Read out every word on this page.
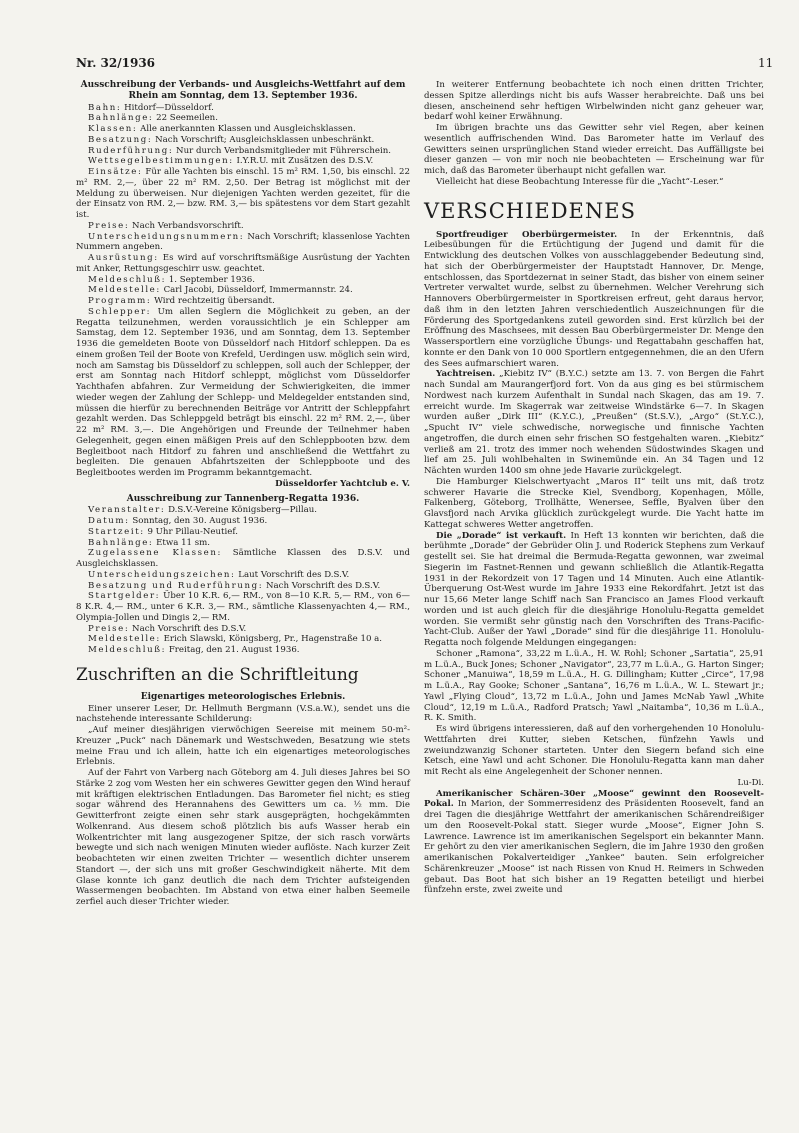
Nr. 32/1936	11
Ausschreibung der Verbands- und Ausgleichs-Wettfahrt auf dem Rhein am Sonntag, dem 13. September 1936.

Bahn: Hitdorf—Düsseldorf.

Bahnlänge: 22 Seemeilen.

Klassen: Alle anerkannten Klassen und Ausgleichsklassen.

Besatzung: Nach Vorschrift; Ausgleichsklassen unbeschränkt.

Ruderführung: Nur durch Verbandsmitglieder mit Führerschein.

Wettsegelbestimmungen: I.Y.R.U. mit Zusätzen des D.S.V.

Einsätze: Für alle Yachten bis einschl. 15 m² RM. 1,50, bis einschl. 22 m² RM. 2,—, über 22 m² RM. 2,50. Der Betrag ist möglichst mit der Meldung zu überweisen. Nur diejenigen Yachten werden gezeitet, für die der Einsatz von RM. 2,— bzw. RM. 3,— bis spätestens vor dem Start gezahlt ist.

Preise: Nach Verbandsvorschrift.

Unterscheidungsnummern: Nach Vorschrift; klassenlose Yachten Nummern angeben.

Ausrüstung: Es wird auf vorschriftsmäßige Ausrüstung der Yachten mit Anker, Rettungsgeschirr usw. geachtet.

Meldeschluß: 1. September 1936.

Meldestelle: Carl Jacobi, Düsseldorf, Immermannstr. 24.

Programm: Wird rechtzeitig übersandt.

Schlepper: Um allen Seglern die Möglichkeit zu geben, an der Regatta teilzunehmen, werden voraussichtlich je ein Schlepper am Samstag, dem 12. September 1936, und am Sonntag, dem 13. September 1936 die gemeldeten Boote von Düsseldorf nach Hitdorf schleppen. Da es einem großen Teil der Boote von Krefeld, Uerdingen usw. möglich sein wird, noch am Samstag bis Düsseldorf zu schleppen, soll auch der Schlepper, der erst am Sonntag nach Hitdorf schleppt, möglichst vom Düsseldorfer Yachthafen abfahren. Zur Vermeidung der Schwierigkeiten, die immer wieder wegen der Zahlung der Schlepp- und Meldegelder entstanden sind, müssen die hierfür zu berechnenden Beiträge vor Antritt der Schleppfahrt gezahlt werden. Das Schleppgeld beträgt bis einschl. 22 m² RM. 2,—, über 22 m² RM. 3,—. Die Angehörigen und Freunde der Teilnehmer haben Gelegenheit, gegen einen mäßigen Preis auf den Schleppbooten bzw. dem Begleitboot nach Hitdorf zu fahren und anschließend die Wettfahrt zu begleiten. Die genauen Abfahrtszeiten der Schleppboote und des Begleitbootes werden im Programm bekanntgemacht.

Düsseldorfer Yachtclub e. V.

Ausschreibung zur Tannenberg-Regatta 1936.

Veranstalter: D.S.V.-Vereine Königsberg—Pillau.

Datum: Sonntag, den 30. August 1936.

Startzeit: 9 Uhr Pillau-Neutief.

Bahnlänge: Etwa 11 sm.

Zugelassene Klassen: Sämtliche Klassen des D.S.V. und Ausgleichsklassen.

Unterscheidungszeichen: Laut Vorschrift des D.S.V.

Besatzung und Ruderführung: Nach Vorschrift des D.S.V.

Startgelder: Über 10 K.R. 6,— RM., von 8—10 K.R. 5,— RM., von 6—8 K.R. 4,— RM., unter 6 K.R. 3,— RM., sämtliche Klassenyachten 4,— RM., Olympia-Jollen und Dingis 2,— RM.

Preise: Nach Vorschrift des D.S.V.

Meldestelle: Erich Slawski, Königsberg, Pr., Hagenstraße 10 a.

Meldeschluß: Freitag, den 21. August 1936.

Zuschriften an die Schriftleitung
Eigenartiges meteorologisches Erlebnis.

Einer unserer Leser, Dr. Hellmuth Bergmann (V.S.a.W.), sendet uns die nachstehende interessante Schilderung:

„Auf meiner diesjährigen vierwöchigen Seereise mit meinem 50-m²-Kreuzer „Puck“ nach Dänemark und Westschweden, Besatzung wie stets meine Frau und ich allein, hatte ich ein eigenartiges meteorologisches Erlebnis.

Auf der Fahrt von Varberg nach Göteborg am 4. Juli dieses Jahres bei SO Stärke 2 zog vom Westen her ein schweres Gewitter gegen den Wind herauf mit kräftigen elektrischen Entladungen. Das Barometer fiel nicht; es stieg sogar während des Herannahens des Gewitters um ca. ½ mm. Die Gewitterfront zeigte einen sehr stark ausgeprägten, hochgekämmten Wolkenrand. Aus diesem schoß plötzlich bis aufs Wasser herab ein Wolkentrichter mit lang ausgezogener Spitze, der sich rasch vorwärts bewegte und sich nach wenigen Minuten wieder auflöste. Nach kurzer Zeit beobachteten wir einen zweiten Trichter — wesentlich dichter unserem Standort —, der sich uns mit großer Geschwindigkeit näherte. Mit dem Glase konnte ich ganz deutlich die nach dem Trichter aufsteigenden Wassermengen beobachten. Im Abstand von etwa einer halben Seemeile zerfiel auch dieser Trichter wieder.

In weiterer Entfernung beobachtete ich noch einen dritten Trichter, dessen Spitze allerdings nicht bis aufs Wasser herabreichte. Daß uns bei diesen, anscheinend sehr heftigen Wirbelwinden nicht ganz geheuer war, bedarf wohl keiner Erwähnung.

Im übrigen brachte uns das Gewitter sehr viel Regen, aber keinen wesentlich auffrischenden Wind. Das Barometer hatte im Verlauf des Gewitters seinen ursprünglichen Stand wieder erreicht. Das Auffälligste bei dieser ganzen — von mir noch nie beobachteten — Erscheinung war für mich, daß das Barometer überhaupt nicht gefallen war.

Vielleicht hat diese Beobachtung Interesse für die „Yacht“-Leser.“

VERSCHIEDENES

Sportfreudiger Oberbürgermeister. In der Erkenntnis, daß Leibesübungen für die Ertüchtigung der Jugend und damit für die Entwicklung des deutschen Volkes von ausschlaggebender Bedeutung sind, hat sich der Oberbürgermeister der Hauptstadt Hannover, Dr. Menge, entschlossen, das Sportdezernat in seiner Stadt, das bisher von einem seiner Vertreter verwaltet wurde, selbst zu übernehmen. Welcher Verehrung sich Hannovers Oberbürgermeister in Sportkreisen erfreut, geht daraus hervor, daß ihm in den letzten Jahren verschiedentlich Auszeichnungen für die Förderung des Sportgedankens zuteil geworden sind. Erst kürzlich bei der Eröffnung des Maschsees, mit dessen Bau Oberbürgermeister Dr. Menge den Wassersportlern eine vorzügliche Übungs- und Regattabahn geschaffen hat, konnte er den Dank von 10 000 Sportlern entgegennehmen, die an den Ufern des Sees aufmarschiert waren.

Yachtreisen. „Kiebitz IV“ (B.Y.C.) setzte am 13. 7. von Bergen die Fahrt nach Sundal am Maurangerfjord fort. Von da aus ging es bei stürmischem Nordwest nach kurzem Aufenthalt in Sundal nach Skagen, das am 19. 7. erreicht wurde. Im Skagerrak war zeitweise Windstärke 6—7. In Skagen wurden außer „Dirk III“ (K.Y.C.), „Preußen“ (St.S.V.), „Argo“ (St.Y.C.), „Spucht IV“ viele schwedische, norwegische und finnische Yachten angetroffen, die durch einen sehr frischen SO festgehalten waren. „Kiebitz“ verließ am 21. trotz des immer noch wehenden Südostwindes Skagen und lief am 25. Juli wohlbehalten in Swinemünde ein. An 34 Tagen und 12 Nächten wurden 1400 sm ohne jede Havarie zurückgelegt.

Die Hamburger Kielschwertyacht „Maros II“ teilt uns mit, daß trotz schwerer Havarie die Strecke Kiel, Svendborg, Kopenhagen, Mölle, Falkenberg, Göteborg, Trollhätte, Wenersee, Seffle, Byalven über den Glavsfjord nach Arvika glücklich zurückgelegt wurde. Die Yacht hatte im Kattegat schweres Wetter angetroffen.

Die „Dorade“ ist verkauft. In Heft 13 konnten wir berichten, daß die berühmte „Dorade“ der Gebrüder Olin J. und Roderick Stephens zum Verkauf gestellt sei. Sie hat dreimal die Bermuda-Regatta gewonnen, war zweimal Siegerin im Fastnet-Rennen und gewann schließlich die Atlantik-Regatta 1931 in der Rekordzeit von 17 Tagen und 14 Minuten. Auch eine Atlantik-Überquerung Ost-West wurde im Jahre 1933 eine Rekordfahrt. Jetzt ist das nur 15,66 Meter lange Schiff nach San Francisco an James Flood verkauft worden und ist auch gleich für die diesjährige Honolulu-Regatta gemeldet worden. Sie vermißt sehr günstig nach den Vorschriften des Trans-Pacific-Yacht-Club. Außer der Yawl „Dorade“ sind für die diesjährige 11. Honolulu-Regatta noch folgende Meldungen eingegangen:

Schoner „Ramona“, 33,22 m L.ü.A., H. W. Rohl; Schoner „Sartatia“, 25,91 m L.ü.A., Buck Jones; Schoner „Navigator“, 23,77 m L.ü.A., G. Harton Singer; Schoner „Manuiwa“, 18,59 m L.ü.A., H. G. Dillingham; Kutter „Circe“, 17,98 m L.ü.A., Ray Gooke; Schoner „Santana“, 16,76 m L.ü.A., W. L. Stewart jr.; Yawl „Flying Cloud“, 13,72 m L.ü.A., John und James McNab Yawl „White Cloud“, 12,19 m L.ü.A., Radford Pratsch; Yawl „Naitamba“, 10,36 m L.ü.A., R. K. Smith.

Es wird übrigens interessieren, daß auf den vorhergehenden 10 Honolulu-Wettfahrten drei Kutter, sieben Ketschen, fünfzehn Yawls und zweiundzwanzig Schoner starteten. Unter den Siegern befand sich eine Ketsch, eine Yawl und acht Schoner. Die Honolulu-Regatta kann man daher mit Recht als eine Angelegenheit der Schoner nennen.

Lu-Di.

Amerikanischer Schären-30er „Moose“ gewinnt den Roosevelt-Pokal. In Marion, der Sommerresidenz des Präsidenten Roosevelt, fand an drei Tagen die diesjährige Wettfahrt der amerikanischen Schärendreißiger um den Roosevelt-Pokal statt. Sieger wurde „Moose“, Eigner John S. Lawrence. Lawrence ist im amerikanischen Segelsport ein bekannter Mann. Er gehört zu den vier amerikanischen Seglern, die im Jahre 1930 den großen amerikanischen Pokalverteidiger „Yankee“ bauten. Sein erfolgreicher Schärenkreuzer „Moose“ ist nach Rissen von Knud H. Reimers in Schweden gebaut. Das Boot hat sich bisher an 19 Regatten beteiligt und hierbei fünfzehn erste, zwei zweite und
